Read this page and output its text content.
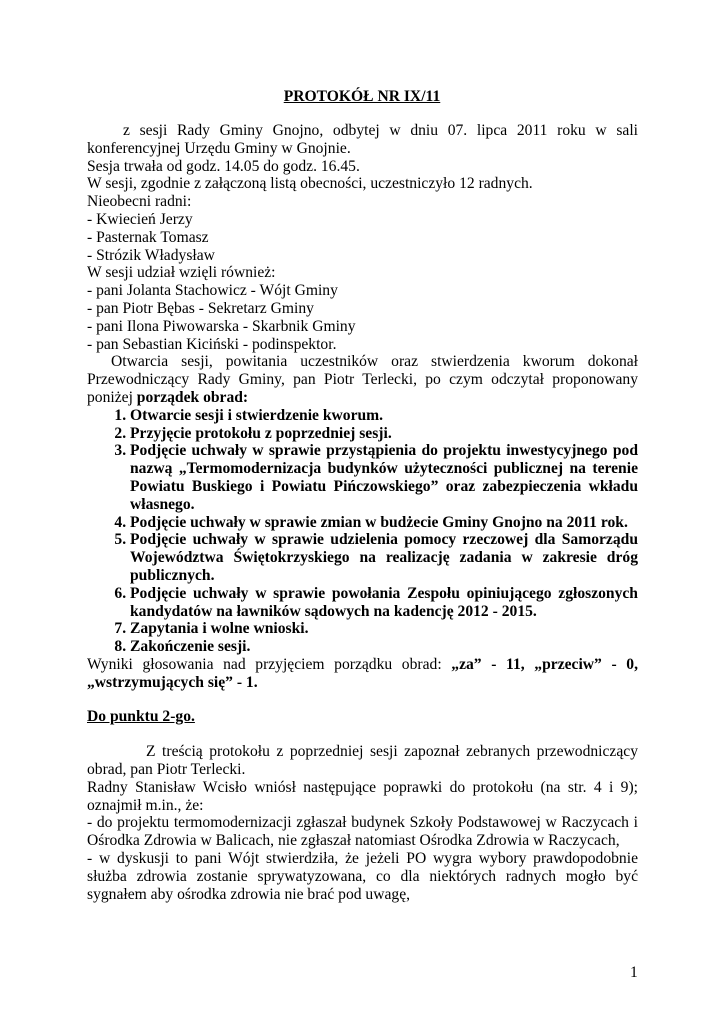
PROTOKÓŁ NR IX/11

z sesji Rady Gminy Gnojno, odbytej w dniu 07. lipca 2011 roku w sali konferencyjnej Urzędu Gminy w Gnojnie.

Sesja trwała od godz. 14.05 do godz. 16.45.

W sesji, zgodnie z załączoną listą obecności, uczestniczyło 12 radnych.

Nieobecni radni:

- Kwiecień Jerzy

- Pasternak Tomasz

- Strózik Władysław

W sesji udział wzięli również:

- pani Jolanta Stachowicz - Wójt Gminy

- pan Piotr Bębas - Sekretarz Gminy

- pani Ilona Piwowarska - Skarbnik Gminy

- pan Sebastian Kiciński - podinspektor.

Otwarcia sesji, powitania uczestników oraz stwierdzenia kworum dokonał Przewodniczący Rady Gminy, pan Piotr Terlecki, po czym odczytał proponowany poniżej porządek obrad:

1. Otwarcie sesji i stwierdzenie kworum.
2. Przyjęcie protokołu z poprzedniej sesji.
3. Podjęcie uchwały w sprawie przystąpienia do projektu inwestycyjnego pod nazwą „Termomodernizacja budynków użyteczności publicznej na terenie Powiatu Buskiego i Powiatu Pińczowskiego” oraz zabezpieczenia wkładu własnego.
4. Podjęcie uchwały w sprawie zmian w budżecie Gminy Gnojno na 2011 rok.
5. Podjęcie uchwały w sprawie udzielenia pomocy rzeczowej dla Samorządu Województwa Świętokrzyskiego na realizację zadania w zakresie dróg publicznych.
6. Podjęcie uchwały w sprawie powołania Zespołu opiniującego zgłoszonych kandydatów na ławników sądowych na kadencję 2012 - 2015.
7. Zapytania i wolne wnioski.
8. Zakończenie sesji.

Wyniki głosowania nad przyjęciem porządku obrad: „za” - 11, „przeciw” - 0, „wstrzymujących się” - 1.

Do punktu 2-go.

Z treścią protokołu z poprzedniej sesji zapoznał zebranych przewodniczący obrad, pan Piotr Terlecki.

Radny Stanisław Wcisło wniósł następujące poprawki do protokołu (na str. 4 i 9); oznajmił m.in., że:

- do projektu termomodernizacji zgłaszał budynek Szkoły Podstawowej w Raczycach i Ośrodka Zdrowia w Balicach, nie zgłaszał natomiast Ośrodka Zdrowia w Raczycach,

- w dyskusji to pani Wójt stwierdziła, że jeżeli PO wygra wybory prawdopodobnie służba zdrowia zostanie sprywatyzowana, co dla niektórych radnych mogło być sygnałem aby ośrodka zdrowia nie brać pod uwagę,

1
